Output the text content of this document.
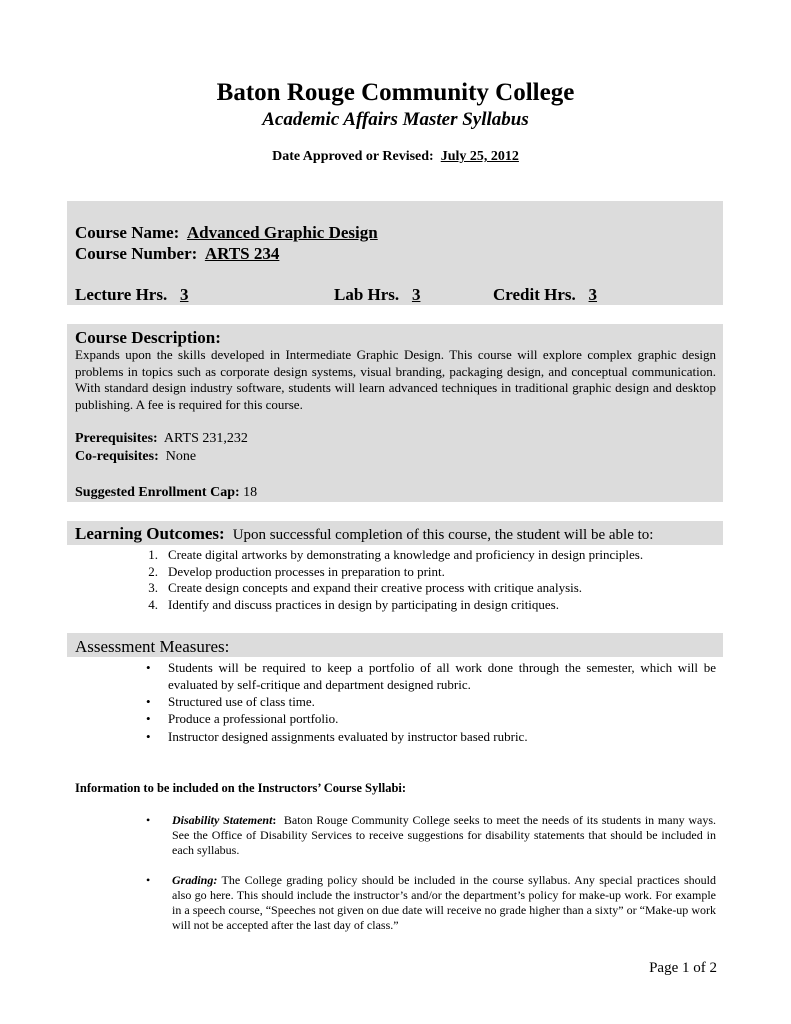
Baton Rouge Community College
Academic Affairs Master Syllabus
Date Approved or Revised: July 25, 2012
Course Name: Advanced Graphic Design
Course Number: ARTS 234
Lecture Hrs. 3	Lab Hrs. 3	Credit Hrs. 3
Course Description:
Expands upon the skills developed in Intermediate Graphic Design. This course will explore complex graphic design problems in topics such as corporate design systems, visual branding, packaging design, and conceptual communication. With standard design industry software, students will learn advanced techniques in traditional graphic design and desktop publishing. A fee is required for this course.
Prerequisites: ARTS 231,232
Co-requisites: None
Suggested Enrollment Cap: 18
Learning Outcomes: Upon successful completion of this course, the student will be able to:
1. Create digital artworks by demonstrating a knowledge and proficiency in design principles.
2. Develop production processes in preparation to print.
3. Create design concepts and expand their creative process with critique analysis.
4. Identify and discuss practices in design by participating in design critiques.
Assessment Measures:
•	Students will be required to keep a portfolio of all work done through the semester, which will be evaluated by self-critique and department designed rubric.
•	Structured use of class time.
•	Produce a professional portfolio.
•	Instructor designed assignments evaluated by instructor based rubric.
Information to be included on the Instructors’ Course Syllabi:
•	Disability Statement: Baton Rouge Community College seeks to meet the needs of its students in many ways. See the Office of Disability Services to receive suggestions for disability statements that should be included in each syllabus.
•	Grading: The College grading policy should be included in the course syllabus. Any special practices should also go here. This should include the instructor’s and/or the department’s policy for make-up work. For example in a speech course, “Speeches not given on due date will receive no grade higher than a sixty” or “Make-up work will not be accepted after the last day of class.”
Page 1 of 2
